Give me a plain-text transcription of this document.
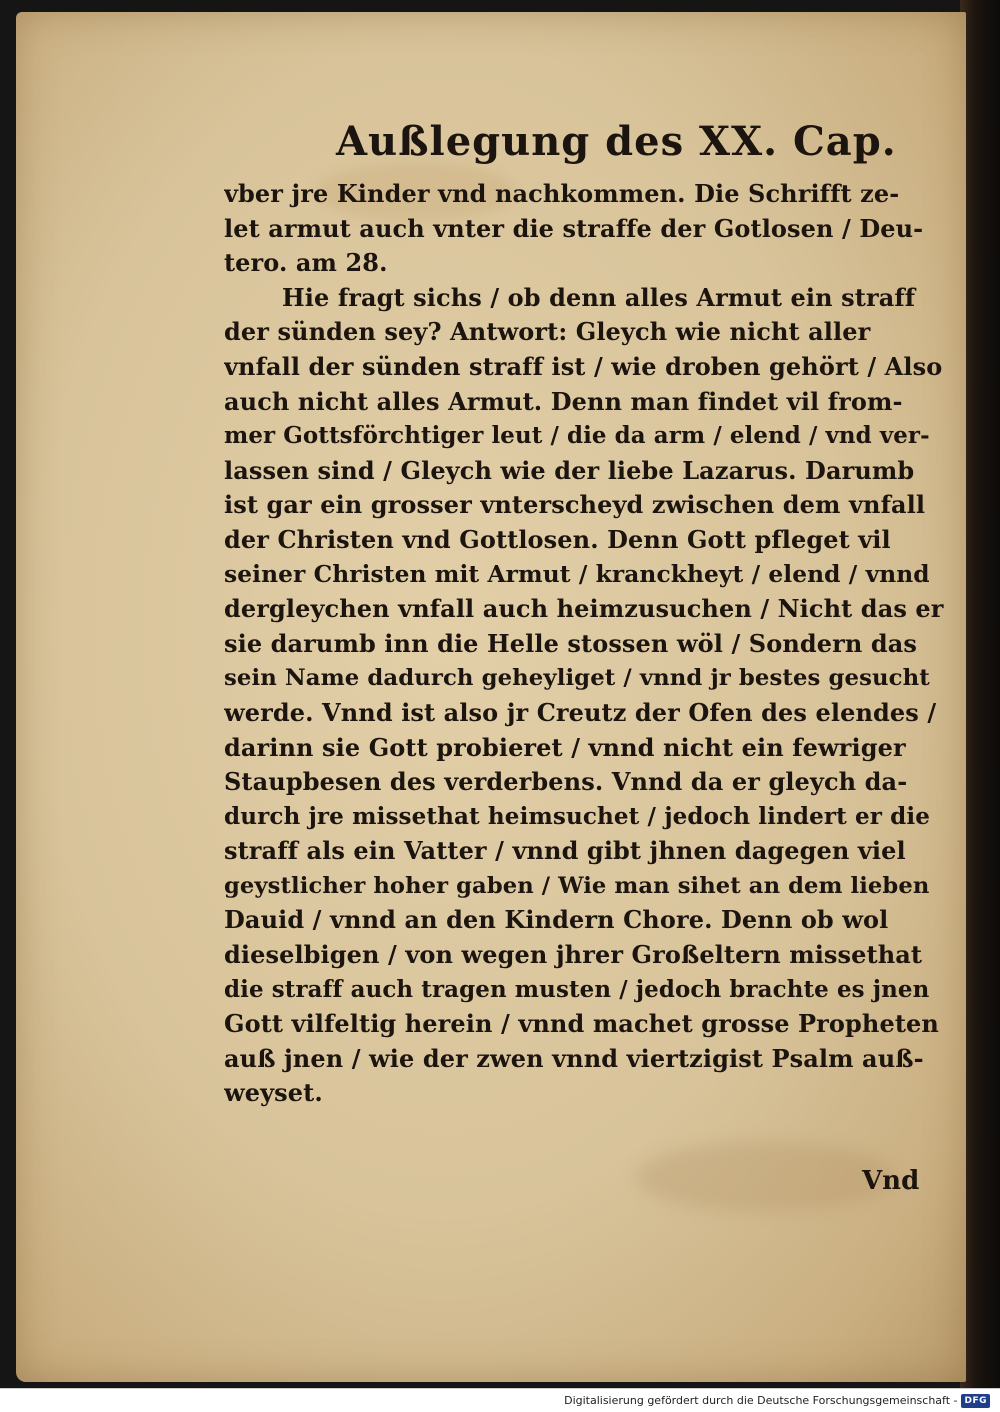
Außlegung des XX. Cap.
vber jre Kinder vnd nachkommen. Die Schrifft ze-
let armut auch vnter die straffe der Gotlosen / Deu-
tero. am 28.
Hie fragt sichs / ob denn alles Armut ein straff
der sünden sey? Antwort: Gleych wie nicht aller
vnfall der sünden straff ist / wie droben gehört / Also
auch nicht alles Armut. Denn man findet vil from-
mer Gottsförchtiger leut / die da arm / elend / vnd ver-
lassen sind / Gleych wie der liebe Lazarus. Darumb
ist gar ein grosser vnterscheyd zwischen dem vnfall
der Christen vnd Gottlosen. Denn Gott pfleget vil
seiner Christen mit Armut / kranckheyt / elend / vnnd
dergleychen vnfall auch heimzusuchen / Nicht das er
sie darumb inn die Helle stossen wöl / Sondern das
sein Name dadurch geheyliget / vnnd jr bestes gesucht
werde. Vnnd ist also jr Creutz der Ofen des elendes /
darinn sie Gott probieret / vnnd nicht ein fewriger
Staupbesen des verderbens. Vnnd da er gleych da-
durch jre missethat heimsuchet / jedoch lindert er die
straff als ein Vatter / vnnd gibt jhnen dagegen viel
geystlicher hoher gaben / Wie man sihet an dem lieben
Dauid / vnnd an den Kindern Chore. Denn ob wol
dieselbigen / von wegen jhrer Großeltern missethat
die straff auch tragen musten / jedoch brachte es jnen
Gott vilfeltig herein / vnnd machet grosse Propheten
auß jnen / wie der zwen vnnd viertzigist Psalm auß-
weyset.
Vnd
Digitalisierung gefördert durch die Deutsche Forschungsgemeinschaft - DFG
